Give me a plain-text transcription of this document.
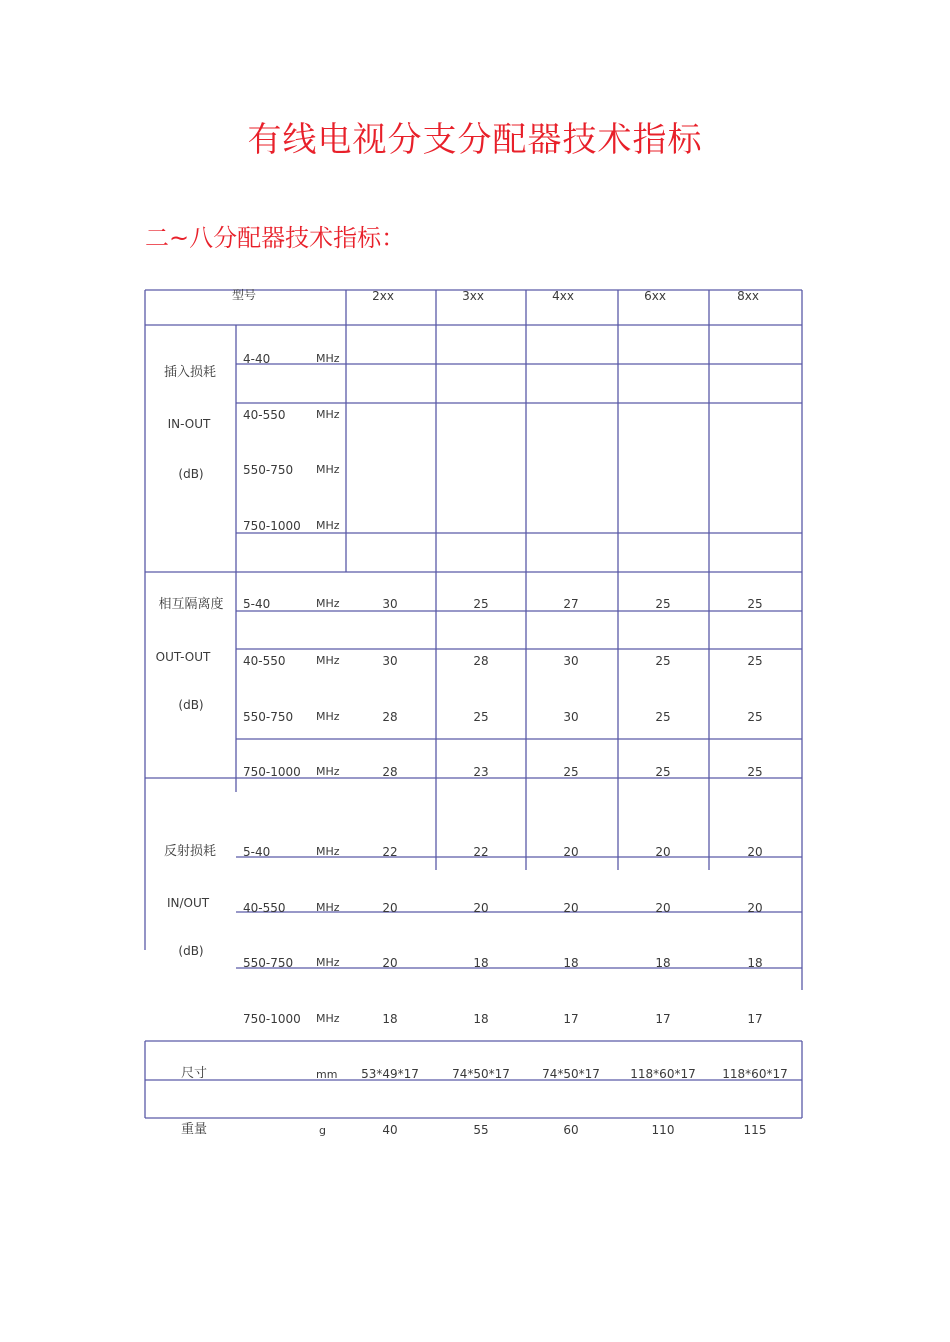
有线电视分支分配器技术指标
二~八分配器技术指标：
型号	2xx	3xx	4xx	6xx	8xx
插入损耗
IN-OUT
(dB)
4-40	MHz
40-550	MHz
550-750 MHz
750-1000 MHz
相互隔离度
OUT-OUT
(dB)
5-40	MHz	30	25	27	25	25
40-550	MHz	30	28	30	25	25
550-750 MHz	28	25	30	25	25
750-1000 MHz	28	23	25	25	25
反射损耗
IN/OUT
(dB)
5-40	MHz	22	22	20	20	20
40-550	MHz	20	20	20	20	20
550-750 MHz	20	18	18	18	18
750-1000 MHz	18	18	17	17	17
尺寸	mm 53*49*17	74*50*17	74*50*17	118*60*17 118*60*17
重量	g	40	55	60	110	115
